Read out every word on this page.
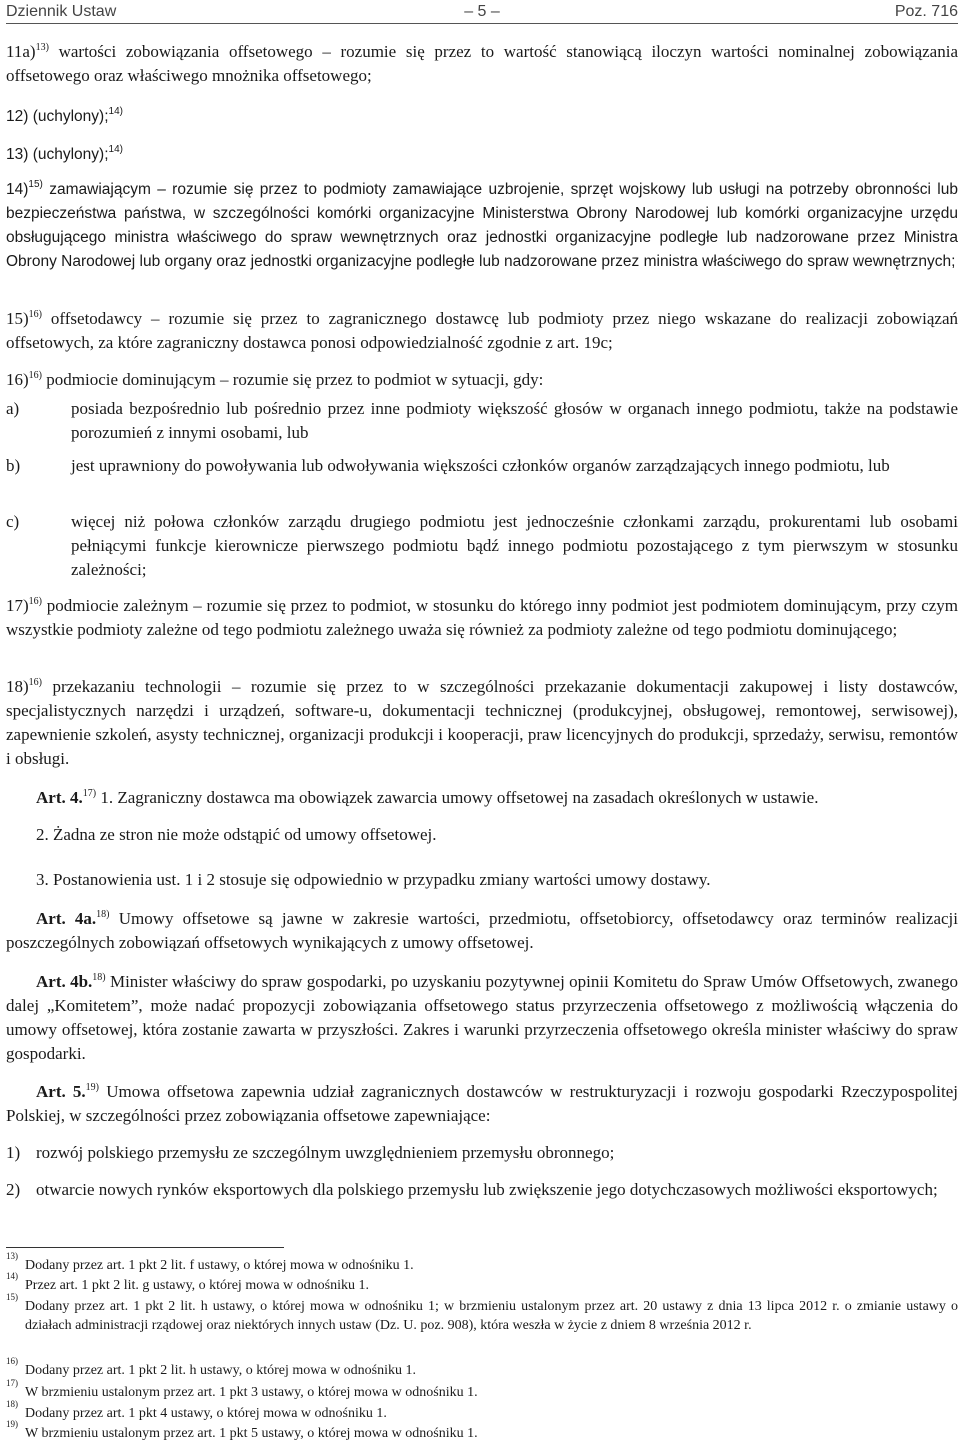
Dziennik Ustaw	– 5 –	Poz. 716
11a)$^{13)}$ wartości zobowiązania offsetowego – rozumie się przez to wartość stanowiącą iloczyn wartości nominalnej zobowiązania offsetowego oraz właściwego mnożnika offsetowego;
12) (uchylony);$^{14)}$
13) (uchylony);$^{14)}$
14)$^{15)}$ zamawiającym – rozumie się przez to podmioty zamawiające uzbrojenie, sprzęt wojskowy lub usługi na potrzeby obronności lub bezpieczeństwa państwa, w szczególności komórki organizacyjne Ministerstwa Obrony Narodowej lub komórki organizacyjne urzędu obsługującego ministra właściwego do spraw wewnętrznych oraz jednostki organizacyjne podległe lub nadzorowane przez Ministra Obrony Narodowej lub organy oraz jednostki organizacyjne podległe lub nadzorowane przez ministra właściwego do spraw wewnętrznych;
15)$^{16)}$ offsetodawcy – rozumie się przez to zagranicznego dostawcę lub podmioty przez niego wskazane do realizacji zobowiązań offsetowych, za które zagraniczny dostawca ponosi odpowiedzialność zgodnie z art. 19c;
16)$^{16)}$ podmiocie dominującym – rozumie się przez to podmiot w sytuacji, gdy:
a)	posiada bezpośrednio lub pośrednio przez inne podmioty większość głosów w organach innego podmiotu, także na podstawie porozumień z innymi osobami, lub
b)	jest uprawniony do powoływania lub odwoływania większości członków organów zarządzających innego podmiotu, lub
c)	więcej niż połowa członków zarządu drugiego podmiotu jest jednocześnie członkami zarządu, prokurentami lub osobami pełniącymi funkcje kierownicze pierwszego podmiotu bądź innego podmiotu pozostającego z tym pierwszym w stosunku zależności;
17)$^{16)}$ podmiocie zależnym – rozumie się przez to podmiot, w stosunku do którego inny podmiot jest podmiotem dominującym, przy czym wszystkie podmioty zależne od tego podmiotu zależnego uważa się również za podmioty zależne od tego podmiotu dominującego;
18)$^{16)}$ przekazaniu technologii – rozumie się przez to w szczególności przekazanie dokumentacji zakupowej i listy dostawców, specjalistycznych narzędzi i urządzeń, software-u, dokumentacji technicznej (produkcyjnej, obsługowej, remontowej, serwisowej), zapewnienie szkoleń, asysty technicznej, organizacji produkcji i kooperacji, praw licencyjnych do produkcji, sprzedaży, serwisu, remontów i obsługi.
Art. 4.$^{17)}$ 1. Zagraniczny dostawca ma obowiązek zawarcia umowy offsetowej na zasadach określonych w ustawie.
2. Żadna ze stron nie może odstąpić od umowy offsetowej.
3. Postanowienia ust. 1 i 2 stosuje się odpowiednio w przypadku zmiany wartości umowy dostawy.
Art. 4a.$^{18)}$ Umowy offsetowe są jawne w zakresie wartości, przedmiotu, offsetobiorcy, offsetodawcy oraz terminów realizacji poszczególnych zobowiązań offsetowych wynikających z umowy offsetowej.
Art. 4b.$^{18)}$ Minister właściwy do spraw gospodarki, po uzyskaniu pozytywnej opinii Komitetu do Spraw Umów Offsetowych, zwanego dalej „Komitetem”, może nadać propozycji zobowiązania offsetowego status przyrzeczenia offsetowego z możliwością włączenia do umowy offsetowej, która zostanie zawarta w przyszłości. Zakres i warunki przyrzeczenia offsetowego określa minister właściwy do spraw gospodarki.
Art. 5.$^{19)}$ Umowa offsetowa zapewnia udział zagranicznych dostawców w restrukturyzacji i rozwoju gospodarki Rzeczypospolitej Polskiej, w szczególności przez zobowiązania offsetowe zapewniające:
1) rozwój polskiego przemysłu ze szczególnym uwzględnieniem przemysłu obronnego;
2) otwarcie nowych rynków eksportowych dla polskiego przemysłu lub zwiększenie jego dotychczasowych możliwości eksportowych;
13)
Dodany przez art. 1 pkt 2 lit. f ustawy, o której mowa w odnośniku 1.
14)
Przez art. 1 pkt 2 lit. g ustawy, o której mowa w odnośniku 1.
15)
Dodany przez art. 1 pkt 2 lit. h ustawy, o której mowa w odnośniku 1; w brzmieniu ustalonym przez art. 20 ustawy z dnia 13 lipca 2012 r. o zmianie ustawy o działach administracji rządowej oraz niektórych innych ustaw (Dz. U. poz. 908), która weszła w życie z dniem 8 września 2012 r.
16)
Dodany przez art. 1 pkt 2 lit. h ustawy, o której mowa w odnośniku 1.
17)
W brzmieniu ustalonym przez art. 1 pkt 3 ustawy, o której mowa w odnośniku 1.
18)
Dodany przez art. 1 pkt 4 ustawy, o której mowa w odnośniku 1.
19)
W brzmieniu ustalonym przez art. 1 pkt 5 ustawy, o której mowa w odnośniku 1.
